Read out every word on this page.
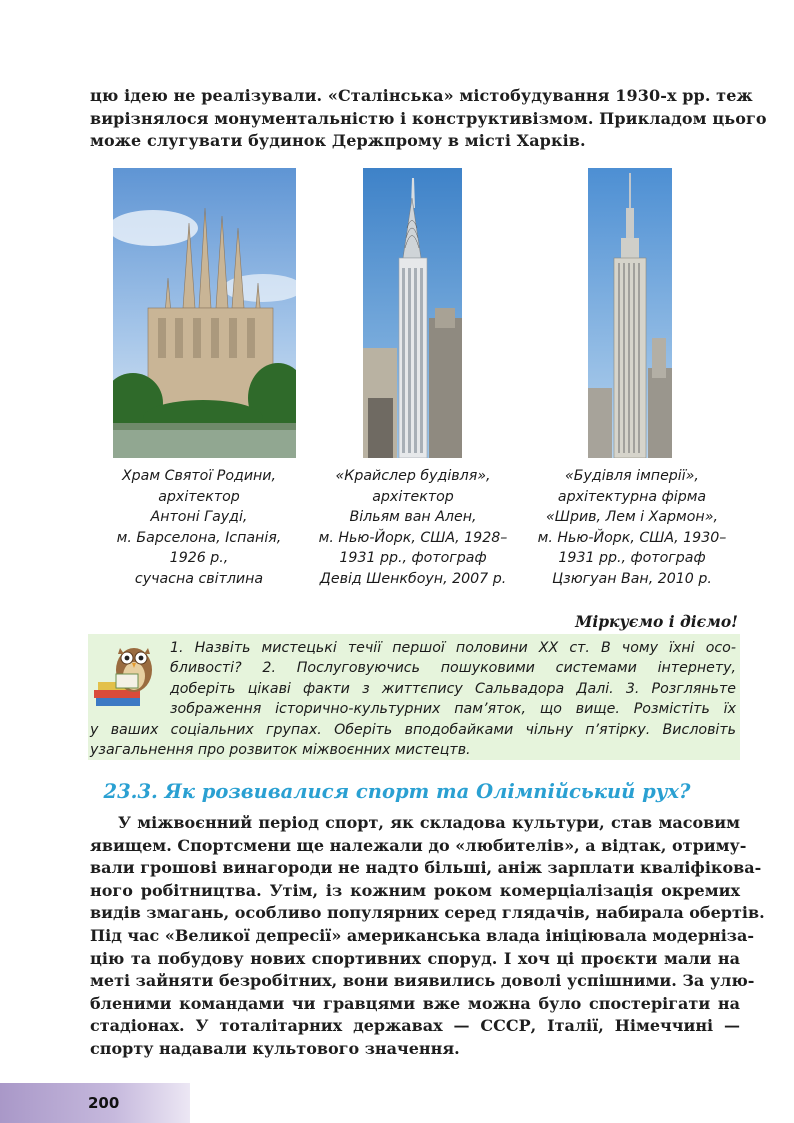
цю ідею не реалізували. «Сталінська» містобудування 1930-х рр. теж
вирізнялося монументальністю і конструктивізмом. Прикладом цього
може слугувати будинок Держпрому в місті Харків.
Храм Святої Родини,
архітектор
Антоні Гауді,
м. Барселона, Іспанія,
1926 р.,
сучасна світлина
«Крайслер будівля»,
архітектор
Вільям ван Ален,
м. Нью-Йорк, США, 1928–
1931 рр., фотограф
Девід Шенкбоун, 2007 р.
«Будівля імперії»,
архітектурна фірма
«Шрив, Лем і Хармон»,
м. Нью-Йорк, США, 1930–
1931 рр., фотограф
Цзюгуан Ван, 2010 р.
Міркуємо і діємо!
1. Назвіть мистецькі течії першої половини XX ст. В чому їхні осо-
бливості? 2. Послуговуючись пошуковими системами інтернету,
доберіть цікаві факти з життєпису Сальвадора Далі. 3. Розгляньте
зображення історично-культурних пам’яток, що вище. Розмістіть їх
у ваших соціальних групах. Оберіть вподобайками чільну п’ятірку. Висловіть
узагальнення про розвиток міжвоєнних мистецтв.
23.3. Як розвивалися спорт та Олімпійський рух?
У міжвоєнний період спорт, як складова культури, став масовим
явищем. Спортсмени ще належали до «любителів», а відтак, отриму-
вали грошові винагороди не надто більші, аніж зарплати кваліфікова-
ного робітництва. Утім, із кожним роком комерціалізація окремих
видів змагань, особливо популярних серед глядачів, набирала обертів.
Під час «Великої депресії» американська влада ініціювала модернiза-
цію та побудову нових спортивних споруд. І хоч ці проєкти мали на
меті зайняти безробітних, вони виявились доволі успішними. За улю-
бленими командами чи гравцями вже можна було спостерігати на
стадіонах. У тоталітарних державах — СССР, Італії, Німеччині —
спорту надавали культового значення.
200
